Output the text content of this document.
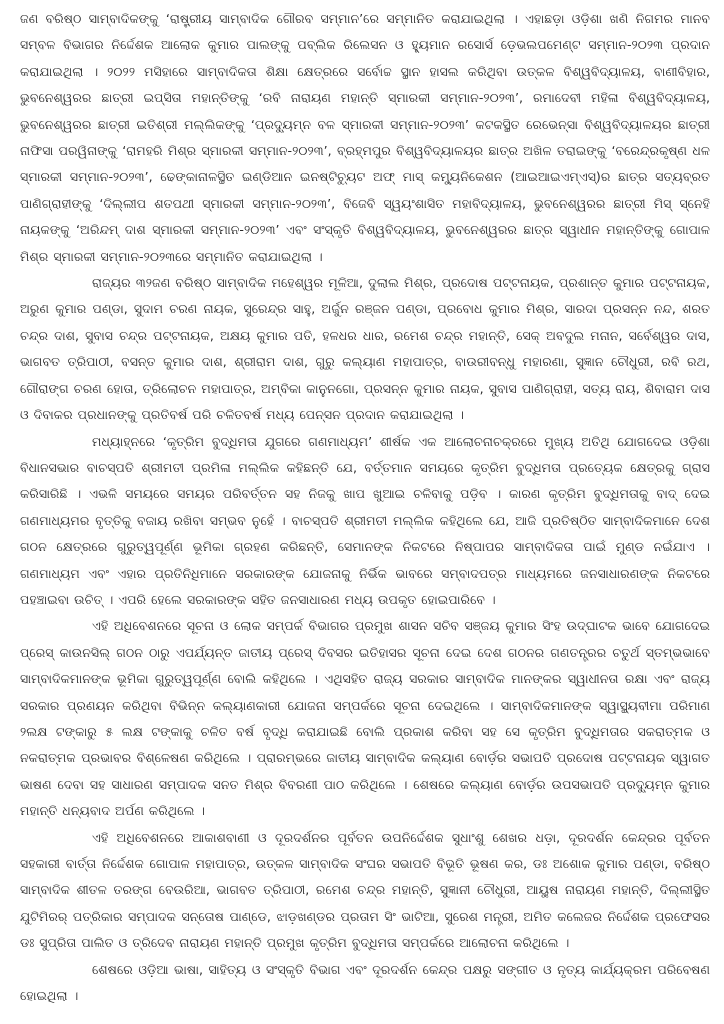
ଜଣ ବରିଷ୍ଠ ସାମ୍ବାଦିକଙ୍କୁ ‘ରାଷ୍ଟ୍ରୀୟ ସାମ୍ବାଦିକ ଗୌରବ ସମ୍ମାନ’ରେ ସମ୍ମାନିତ କରାଯାଇଥିଲା । ଏହାଛଡ଼ା ଓଡ଼ିଶା ଖଣି ନିଗମର ମାନବ ସମ୍ବଳ ବିଭାଗର ନିର୍ଦ୍ଦେଶକ ଆଲୋକ କୁମାର ପାଲଙ୍କୁ ପବ୍ଲିକ ରିଲେସନ ଓ ହ୍ୟୁମାନ ରସୋର୍ସ ଡ଼େଭଲପମେଣ୍ଟ ସମ୍ମାନ-୨୦୨୩ ପ୍ରଦାନ କରାଯାଇଥିଲା । ୨୦୨୨ ମସିହାରେ ସାମ୍ବାଦିକତା ଶିକ୍ଷା କ୍ଷେତ୍ରରେ ସର୍ବୋଚ୍ଚ ସ୍ଥାନ ହାସଲ କରିଥିବା ଉତ୍କଳ ବିଶ୍ୱବିଦ୍ୟାଳୟ, ବାଣୀବିହାର, ଭୁବନେଶ୍ୱରର ଛାତ୍ରୀ ଇପ୍ସିତା ମହାନ୍ତିଙ୍କୁ ‘ରବି ନାରାୟଣ ମହାନ୍ତି ସ୍ମାରକୀ ସମ୍ମାନ-୨୦୨୩’, ରମାଦେବୀ ମହିଳା ବିଶ୍ୱବିଦ୍ୟାଳୟ, ଭୁବନେଶ୍ୱରର ଛାତ୍ରୀ ଇତିଶ୍ରୀ ମଲ୍ଲିକଙ୍କୁ ‘ପ୍ରଦ୍ୟୁମ୍ନ ବଳ ସ୍ମାରକୀ ସମ୍ମାନ-୨୦୨୩’ କଟକସ୍ଥିତ ରେଭେନ୍ସା ବିଶ୍ୱବିଦ୍ୟାଳୟର ଛାତ୍ରୀ ନାଫିସା ପରୱିନାଙ୍କୁ ‘ରାମହରି ମିଶ୍ର ସ୍ମାରକୀ ସମ୍ମାନ-୨୦୨୩’, ବ୍ରହ୍ମପୁର ବିଶ୍ୱବିଦ୍ୟାଳୟର ଛାତ୍ର ଅଖିଳ ତରାଇଙ୍କୁ ‘ବରେନ୍ଦ୍ରକୃଷ୍ଣ ଧଳ ସ୍ମାରକୀ ସମ୍ମାନ-୨୦୨୩’, ଢେଙ୍କାନାଳସ୍ଥିତ ଇଣ୍ଡିଆନ ଇନଷ୍ଟିଚ୍ୟୁଟ ଅଫ୍ ମାସ୍ କମ୍ୟୁନିକେଶନ (ଆଇଆଇଏମ୍ଏସ୍)ର ଛାତ୍ର ସତ୍ୟବ୍ରତ ପାଣିଗ୍ରାହୀଙ୍କୁ ‘ଦିଲ୍ଲୀପ ଶତପଥୀ ସ୍ମାରକୀ ସମ୍ମାନ-୨୦୨୩’, ବିଜେବି ସ୍ୱୟଂଶାସିତ ମହାବିଦ୍ୟାଳୟ, ଭୁବନେଶ୍ୱରର ଛାତ୍ରୀ ମିସ୍ ସ୍ନେହି ନାୟକଙ୍କୁ ‘ଅରିନ୍ଦମ୍ ଦାଶ ସ୍ମାରକୀ ସମ୍ମାନ-୨୦୨୩’ ଏବଂ ସଂସ୍କୃତି ବିଶ୍ୱବିଦ୍ୟାଳୟ, ଭୁବନେଶ୍ୱରର ଛାତ୍ର ସ୍ୱାଧୀନ ମହାନ୍ତିଙ୍କୁ ଗୋପାଳ ମିଶ୍ର ସ୍ମାରକୀ ସମ୍ମାନ-୨୦୨୩ରେ ସମ୍ମାନିତ କରାଯାଇଥିଲା ।

ରାଜ୍ୟର ୩୨ଜଣ ବରିଷ୍ଠ ସାମ୍ବାଦିକ ମହେଶ୍ୱର ମୂଳିଆ, ଦୁଲାଲ ମିଶ୍ର, ପ୍ରଦୋଷ ପଟ୍ଟନାୟକ, ପ୍ରଶାନ୍ତ କୁମାର ପଟ୍ଟନାୟକ, ଅରୁଣ କୁମାର ପଣ୍ଡା, ସୁଦାମ ଚରଣ ନାୟକ, ସୁରେନ୍ଦ୍ର ସାହୁ, ଅର୍ଜୁନ ରଞ୍ଜନ ପଣ୍ଡା, ପ୍ରବୋଧ କୁମାର ମିଶ୍ର, ସାରଦା ପ୍ରସନ୍ନ ନନ୍ଦ, ଶରତ ଚନ୍ଦ୍ର ଦାଶ, ସୁବାସ ଚନ୍ଦ୍ର ପଟ୍ଟନାୟକ, ଅକ୍ଷୟ କୁମାର ପତି, ହଳଧର ଧାର, ରମେଶ ଚନ୍ଦ୍ର ମହାନ୍ତି, ସେକ୍ ଅବଦୁଲ ମନାନ, ସର୍ବେଶ୍ୱର ଦାସ, ଭାଗବତ ତ୍ରିପାଠୀ, ବସନ୍ତ କୁମାର ଦାଶ, ଶ୍ରୀରାମ ଦାଶ, ଗୁରୁ କଲ୍ୟାଣ ମହାପାତ୍ର, ବାଉରୀବନ୍ଧୁ ମହାରଣା, ସୁଜ୍ଞାନ ଚୌଧୁରୀ, ରବି ରଥ, ଗୌରାଙ୍ଗ ଚରଣ ହୋତା, ତ୍ରିଲୋଚନ ମହାପାତ୍ର, ଅମ୍ବିକା କାନୁନଗୋ, ପ୍ରସନ୍ନ କୁମାର ନାୟକ, ସୁବାସ ପାଣିଗ୍ରାହୀ, ସତ୍ୟ ରାୟ, ଶିବାରାମ ଦାସ ଓ ଦିବାକର ପ୍ରଧାନଙ୍କୁ ପ୍ରତିବର୍ଷ ପରି ଚଳିତବର୍ଷ ମଧ୍ୟ ପେନ୍ସନ ପ୍ରଦାନ କରାଯାଇଥିଲା ।

ମଧ୍ୟାହ୍ନରେ ‘କୃତ୍ରିମ ବୁଦ୍ଧିମତା ଯୁଗରେ ଗଣମାଧ୍ୟମ’ ଶୀର୍ଷକ ଏକ ଆଲୋଚନାଚକ୍ରରେ ମୁଖ୍ୟ ଅତିଥି ଯୋଗଦେଇ ଓଡ଼ିଶା ବିଧାନସଭାର ବାଚସ୍ପତି ଶ୍ରୀମତୀ ପ୍ରମିଳା ମଲ୍ଲିକ କହିଛନ୍ତି ଯେ, ବର୍ତ୍ତମାନ ସମୟରେ କୃତ୍ରିମ ବୁଦ୍ଧିମତା ପ୍ରତ୍ୟେକ କ୍ଷେତ୍ରକୁ ଗ୍ରାସ କରିସାରିଛି । ଏଭଳି ସମୟରେ ସମୟର ପରିବର୍ତ୍ତନ ସହ ନିଜକୁ ଖାପ ଖୁଆଇ ଚଳିବାକୁ ପଡ଼ିବ । କାରଣ କୃତ୍ରିମ ବୁଦ୍ଧିମତାକୁ ବାଦ୍ ଦେଇ ଗଣମାଧ୍ୟମର ବୃତ୍ତିକୁ ବଜାୟ ରଖିବା ସମ୍ଭବ ନୁହେଁ । ବାଚସ୍ପତି ଶ୍ରୀମତୀ ମଲ୍ଲିକ କହିଥିଲେ ଯେ, ଆଜି ପ୍ରତିଷ୍ଠିତ ସାମ୍ବାଦିକମାନେ ଦେଶ ଗଠନ କ୍ଷେତ୍ରରେ ଗୁରୁତ୍ୱପୂର୍ଣ୍ଣ ଭୂମିକା ଗ୍ରହଣ କରିଛନ୍ତି, ସେମାନଙ୍କ ନିକଟରେ ନିଷ୍ପାପର ସାମ୍ବାଦିକତା ପାଇଁ ମୁଣ୍ଡ ନଇଁଯାଏ । ଗଣମାଧ୍ୟମ ଏବଂ ଏହାର ପ୍ରତିନିଧିମାନେ ସରକାରଙ୍କ ଯୋଜନାକୁ ନିର୍ଭିକ ଭାବରେ ସମ୍ବାଦପତ୍ର ମାଧ୍ୟମରେ ଜନସାଧାରଣଙ୍କ ନିକଟରେ ପହଞ୍ଚାଇବା ଉଚିତ୍ । ଏପରି ହେଲେ ସରକାରଙ୍କ ସହିତ ଜନସାଧାରଣ ମଧ୍ୟ ଉପକୃତ ହୋଇପାରିବେ ।

ଏହି ଅଧିବେଶନରେ ସୂଚନା ଓ ଲୋକ ସମ୍ପର୍କ ବିଭାଗର ପ୍ରମୁଖ ଶାସନ ସଚିବ ସଞ୍ଜୟ କୁମାର ସିଂହ ଉଦ୍‌ଘାଟକ ଭାବେ ଯୋଗଦେଇ ପ୍ରେସ୍ କାଉନସିଲ୍ ଗଠନ ଠାରୁ ଏପର୍ଯ୍ୟନ୍ତ ଜାତୀୟ ପ୍ରେସ୍ ଦିବସର ଇତିହାସର ସୂଚନା ଦେଇ ଦେଶ ଗଠନର ଗଣତନ୍ତ୍ରର ଚତୁର୍ଥ ସ୍ତମ୍ଭଭାବେ ସାମ୍ବାଦିକମାନଙ୍କ ଭୂମିକା ଗୁରୁତ୍ୱପୂର୍ଣ୍ଣ ବୋଲି କହିଥିଲେ । ଏଥିସହିତ ରାଜ୍ୟ ସରକାର ସାମ୍ବାଦିକ ମାନଙ୍କର ସ୍ୱାଧୀନତା ରକ୍ଷା ଏବଂ ରାଜ୍ୟ ସରକାର ପ୍ରଣୟନ କରିଥିବା ବିଭିନ୍ନ କଲ୍ୟାଣକାରୀ ଯୋଜନା ସମ୍ପର୍କରେ ସୂଚନା ଦେଇଥିଲେ । ସାମ୍ବାଦିକମାନଙ୍କ ସ୍ୱାସ୍ଥ୍ୟବୀମା ପରିମାଣ ୨ଲକ୍ଷ ଟଙ୍କାରୁ ୫ ଲକ୍ଷ ଟଙ୍କାକୁ ଚଳିତ ବର୍ଷ ବୃଦ୍ଧି କରାଯାଇଛି ବୋଲି ପ୍ରକାଶ କରିବା ସହ ସେ କୃତ୍ରିମ ବୁଦ୍ଧିମତାର ସକରାତ୍ମକ ଓ ନକରାତ୍ମକ ପ୍ରଭାବର ବିଶ୍ଳେଷଣ କରିଥିଲେ । ପ୍ରାରମ୍ଭରେ ଜାତୀୟ ସାମ୍ବାଦିକ କଲ୍ୟାଣ ବୋର୍ଡ଼ର ସଭାପତି ପ୍ରଦୋଷ ପଟ୍ଟନାୟକ ସ୍ୱାଗତ ଭାଷଣ ଦେବା ସହ ସାଧାରଣ ସମ୍ପାଦକ ସନତ ମିଶ୍ର ବିବରଣୀ ପାଠ କରିଥିଲେ । ଶେଷରେ କଲ୍ୟାଣ ବୋର୍ଡ଼ର ଉପସଭାପତି ପ୍ରଦ୍ୟୁମ୍ନ କୁମାର ମହାନ୍ତି ଧନ୍ୟବାଦ ଅର୍ପଣ କରିଥିଲେ ।

ଏହି ଅଧିବେଶନରେ ଆକାଶବାଣୀ ଓ ଦୂରଦର୍ଶନର ପୂର୍ବତନ ଉପନିର୍ଦ୍ଦେଶକ ସୁଧାଂଶୁ ଶେଖର ଧଡ଼ା, ଦୂରଦର୍ଶନ କେନ୍ଦ୍ରର ପୂର୍ବତନ ସହକାରୀ ବାର୍ତ୍ତା ନିର୍ଦ୍ଦେଶକ ଗୋପାଳ ମହାପାତ୍ର, ଉତ୍କଳ ସାମ୍ବାଦିକ ସଂଘର ସଭାପତି ବିଭୂତି ଭୂଷଣ କର, ଡଃ ଅଶୋକ କୁମାର ପଣ୍ଡା, ବରିଷ୍ଠ ସାମ୍ବାଦିକ ଶୀତଳ ତରଙ୍ଗ ବେଉରିଆ, ଭାଗବତ ତ୍ରିପାଠୀ, ରମେଶ ଚନ୍ଦ୍ର ମହାନ୍ତି, ସୁଜ୍ଞାନୀ ଚୌଧୁରୀ, ଆୟୁଷ ନାରାୟଣ ମହାନ୍ତି, ଦିଲ୍ଲୀସ୍ଥିତ ଯୁଟିମିରର୍ ପତ୍ରିକାର ସମ୍ପାଦକ ସନ୍ତୋଷ ପାଣ୍ଡେ, ଝାଡ଼ଖଣ୍ଡର ପ୍ରତାମ ସିଂ ଭାଟିଆ, ସୁରେଶ ମନ୍ତ୍ରୀ, ଅମିତ କଲେଜର ନିର୍ଦ୍ଦେଶକ ପ୍ରଫେସର ଡଃ ସୁପ୍ରିତା ପାଲିତ ଓ ତ୍ରିଦେବ ନାରାୟଣ ମହାନ୍ତି ପ୍ରମୁଖ କୃତ୍ରିମ ବୁଦ୍ଧିମତା ସମ୍ପର୍କରେ ଆଲୋଚନା କରିଥିଲେ ।

ଶେଷରେ ଓଡ଼ିଆ ଭାଷା, ସାହିତ୍ୟ ଓ ସଂସ୍କୃତି ବିଭାଗ ଏବଂ ଦୂରଦର୍ଶନ କେନ୍ଦ୍ର ପକ୍ଷରୁ ସଙ୍ଗୀତ ଓ ନୃତ୍ୟ କାର୍ଯ୍ୟକ୍ରମ ପରିବେଷଣ ହୋଇଥିଲା ।
